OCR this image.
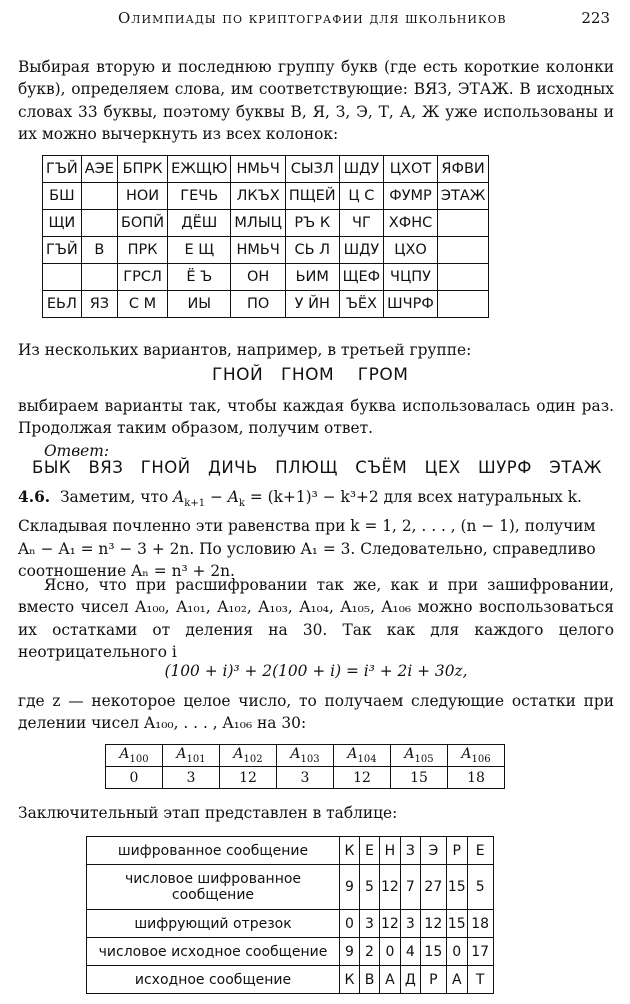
Олимпиады по криптографии для школьников	223
Выбирая вторую и последнюю группу букв (где есть короткие колонки букв), определяем слова, им соответствующие: ВЯЗ, ЭТАЖ. В исходных словах 33 буквы, поэтому буквы В, Я, З, Э, Т, А, Ж уже использованы и их можно вычеркнуть из всех колонок:
ГЪЙ	АЭЕ	БПРК	ЕЖЩЮ	НМЬЧ	СЫЗЛ	ШДУ	ЦХОТ	ЯФВИ
БШ		НОИ	ГЕЧЬ	ЛКЪХ	ПЩЕЙ	Ц С	ФУМР	ЭТАЖ
ЩИ		БОПЙ	ДЁШ	МЛЫЦ	РЪ К	ЧГ	ХФНС	
ГЪЙ	В	ПРК	Е Щ	НМЬЧ	СЬ Л	ШДУ	ЦХО	
		ГРСЛ	Ё Ъ	ОН	ЬИМ	ЩЕФ	ЧЦПУ	
ЕЬЛ	ЯЗ	С М	ИЫ	ПО	У ЙН	ЪЁХ	ШЧРФ	
Из нескольких вариантов, например, в третьей группе:
ГНОЙ ГНОМ ГРОМ
выбираем варианты так, чтобы каждая буква использовалась один раз. Продолжая таким образом, получим ответ.
Ответ:
БЫК ВЯЗ ГНОЙ ДИЧЬ ПЛЮЩ СЪЁМ ЦЕХ ШУРФ ЭТАЖ
4.6. Заметим, что $A_{k+1} - A_k = (k+1)^3 - k^3+2$ для всех натуральных k.
Складывая почленно эти равенства при k = 1, 2, . . . , (n − 1), получим
Aₙ − A₁ = n³ − 3 + 2n. По условию A₁ = 3. Следовательно, справедливо
соотношение Aₙ = n³ + 2n.
Ясно, что при расшифровании так же, как и при зашифровании, вместо чисел A₁₀₀, A₁₀₁, A₁₀₂, A₁₀₃, A₁₀₄, A₁₀₅, A₁₀₆ можно воспользоваться их остатками от деления на 30. Так как для каждого целого неотрицательного i
(100 + i)³ + 2(100 + i) = i³ + 2i + 30z,
где z — некоторое целое число, то получаем следующие остатки при делении чисел A₁₀₀, . . . , A₁₀₆ на 30:
$A_{100}$	$A_{101}$	$A_{102}$	$A_{103}$	$A_{104}$	$A_{105}$	$A_{106}$
0	3	12	3	12	15	18
Заключительный этап представлен в таблице:
шифрованное сообщение	К	Е	Н	З	Э	Р	Е
числовое шифрованное сообщение	9	5	12	7	27	15	5
шифрующий отрезок	0	3	12	3	12	15	18
числовое исходное сообщение	9	2	0	4	15	0	17
исходное сообщение	К	В	А	Д	Р	А	Т
